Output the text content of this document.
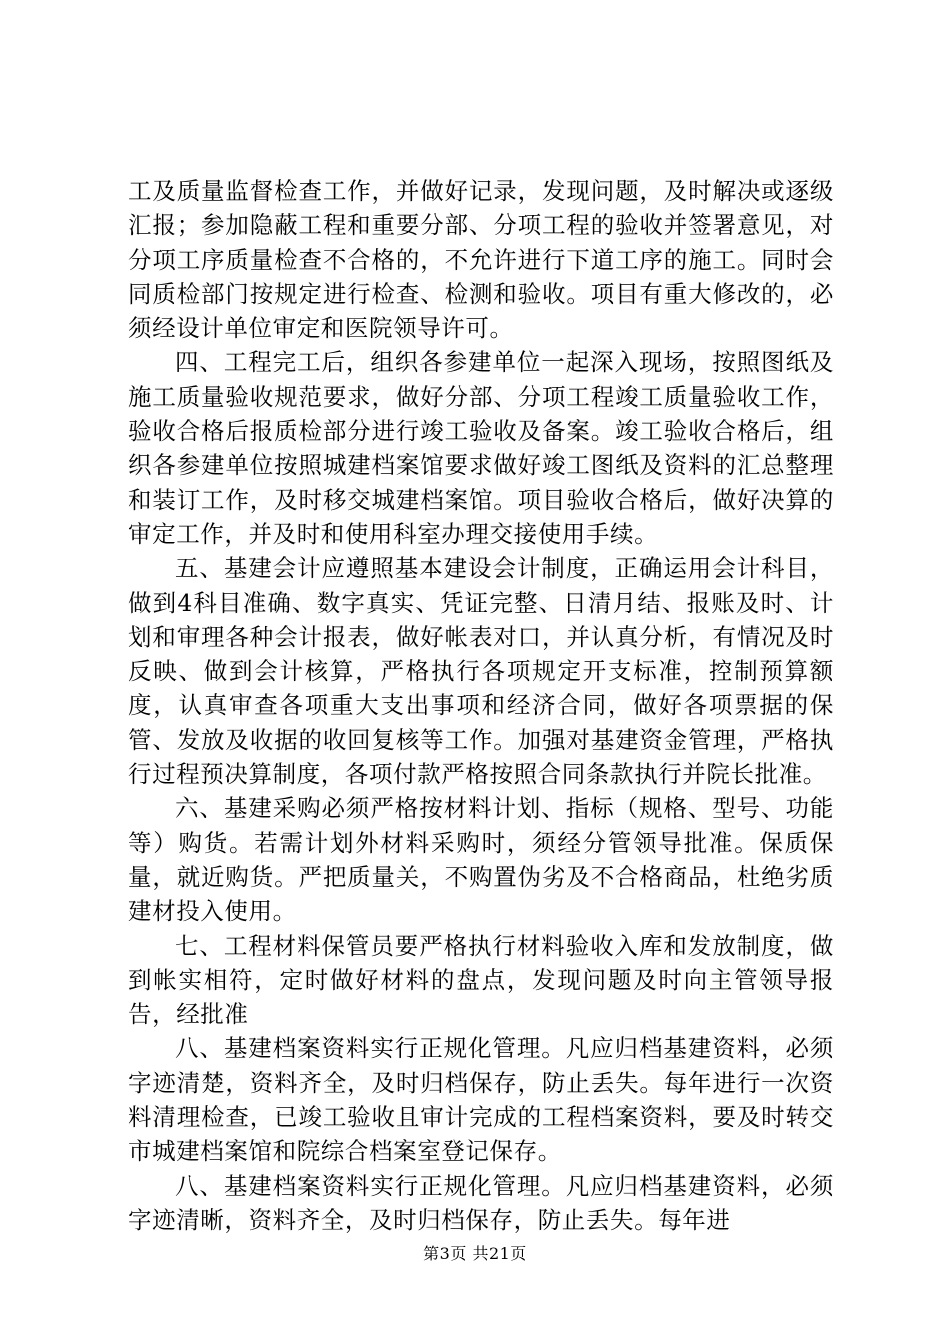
工及质量监督检查工作，并做好记录，发现问题，及时解决或逐级汇报；参加隐蔽工程和重要分部、分项工程的验收并签署意见，对分项工序质量检查不合格的，不允许进行下道工序的施工。同时会同质检部门按规定进行检查、检测和验收。项目有重大修改的，必须经设计单位审定和医院领导许可。

四、工程完工后，组织各参建单位一起深入现场，按照图纸及施工质量验收规范要求，做好分部、分项工程竣工质量验收工作，验收合格后报质检部分进行竣工验收及备案。竣工验收合格后，组织各参建单位按照城建档案馆要求做好竣工图纸及资料的汇总整理和装订工作，及时移交城建档案馆。项目验收合格后，做好决算的审定工作，并及时和使用科室办理交接使用手续。

五、基建会计应遵照基本建设会计制度，正确运用会计科目，做到4科目准确、数字真实、凭证完整、日清月结、报账及时、计划和审理各种会计报表，做好帐表对口，并认真分析，有情况及时反映、做到会计核算，严格执行各项规定开支标准，控制预算额度，认真审查各项重大支出事项和经济合同，做好各项票据的保管、发放及收据的收回复核等工作。加强对基建资金管理，严格执行过程预决算制度，各项付款严格按照合同条款执行并院长批准。

六、基建采购必须严格按材料计划、指标（规格、型号、功能等）购货。若需计划外材料采购时，须经分管领导批准。保质保量，就近购货。严把质量关，不购置伪劣及不合格商品，杜绝劣质建材投入使用。

七、工程材料保管员要严格执行材料验收入库和发放制度，做到帐实相符，定时做好材料的盘点，发现问题及时向主管领导报告，经批准

八、基建档案资料实行正规化管理。凡应归档基建资料，必须字迹清楚，资料齐全，及时归档保存，防止丢失。每年进行一次资料清理检查，已竣工验收且审计完成的工程档案资料，要及时转交市城建档案馆和院综合档案室登记保存。

八、基建档案资料实行正规化管理。凡应归档基建资料，必须字迹清晰，资料齐全，及时归档保存，防止丢失。每年进

第3页 共21页
